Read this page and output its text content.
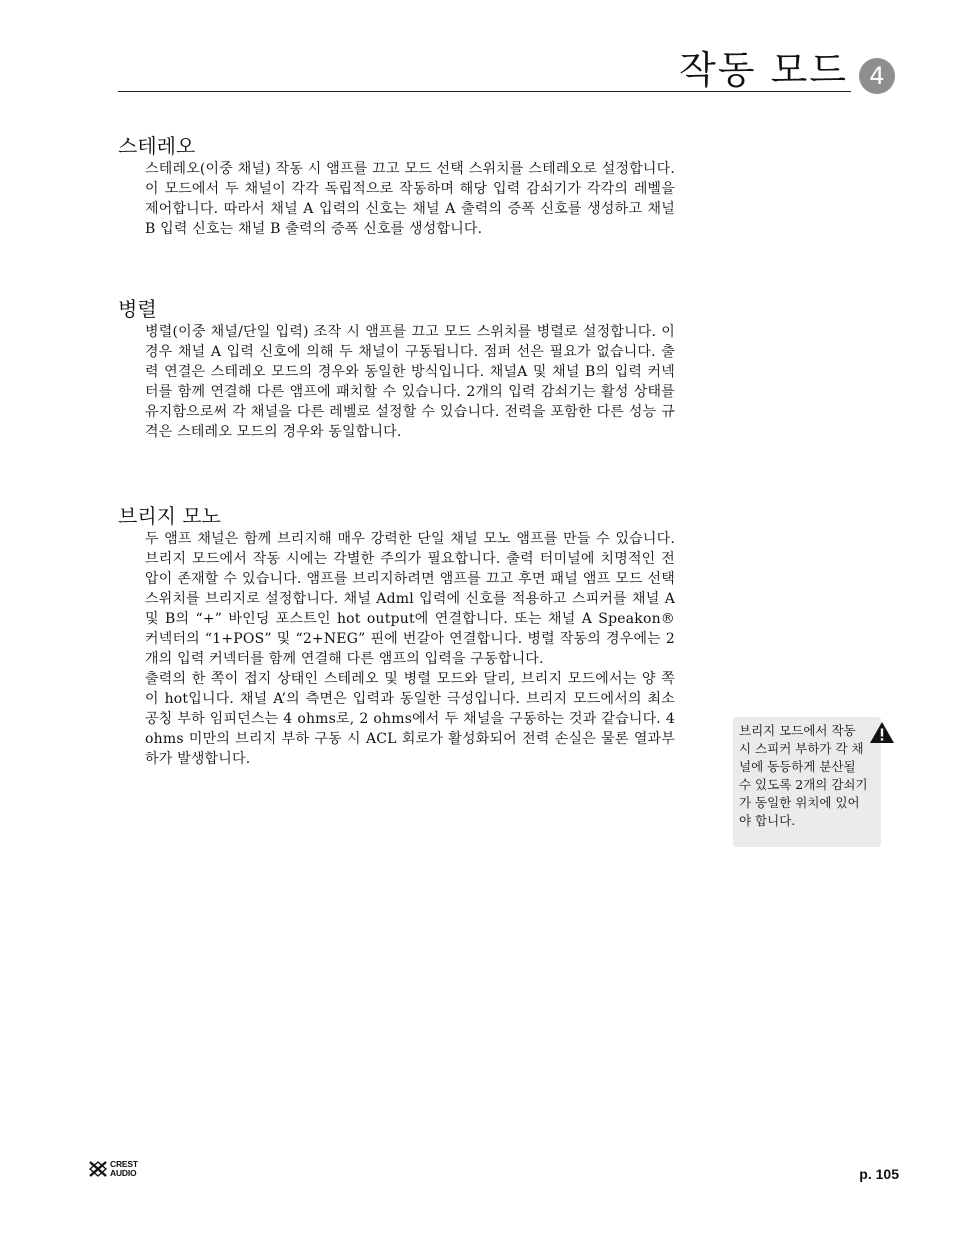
작동 모드 4
스테레오

스테레오(이중 채널) 작동 시 앰프를 끄고 모드 선택 스위치를 스테레오로 설정합니다. 이 모드에서 두 채널이 각각 독립적으로 작동하며 해당 입력 감쇠기가 각각의 레벨을 제어합니다. 따라서 채널 A 입력의 신호는 채널 A 출력의 증폭 신호를 생성하고 채널 B 입력 신호는 채널 B 출력의 증폭 신호를 생성합니다.

병렬

병렬(이중 채널/단일 입력) 조작 시 앰프를 끄고 모드 스위치를 병렬로 설정합니다. 이 경우 채널 A 입력 신호에 의해 두 채널이 구동됩니다. 점퍼 선은 필요가 없습니다. 출력 연결은 스테레오 모드의 경우와 동일한 방식입니다. 채널A 및 채널 B의 입력 커넥터를 함께 연결해 다른 앰프에 패치할 수 있습니다. 2개의 입력 감쇠기는 활성 상태를 유지함으로써 각 채널을 다른 레벨로 설정할 수 있습니다. 전력을 포함한 다른 성능 규격은 스테레오 모드의 경우와 동일합니다.

브리지 모노

두 앰프 채널은 함께 브리지해 매우 강력한 단일 채널 모노 앰프를 만들 수 있습니다. 브리지 모드에서 작동 시에는 각별한 주의가 필요합니다. 출력 터미널에 치명적인 전압이 존재할 수 있습니다. 앰프를 브리지하려면 앰프를 끄고 후면 패널 앰프 모드 선택 스위치를 브리지로 설정합니다. 채널 Adml 입력에 신호를 적용하고 스피커를 채널 A 및 B의 “+” 바인딩 포스트인 hot output에 연결합니다. 또는 채널 A Speakon® 커넥터의 “1+POS” 및 “2+NEG” 핀에 번갈아 연결합니다. 병렬 작동의 경우에는 2개의 입력 커넥터를 함께 연결해 다른 앰프의 입력을 구동합니다.

출력의 한 쪽이 접지 상태인 스테레오 및 병렬 모드와 달리, 브리지 모드에서는 양 쪽이 hot입니다. 채널 A’의 측면은 입력과 동일한 극성입니다. 브리지 모드에서의 최소 공칭 부하 임피던스는 4 ohms로, 2 ohms에서 두 채널을 구동하는 것과 같습니다. 4 ohms 미만의 브리지 부하 구동 시 ACL 회로가 활성화되어 전력 손실은 물론 열과부하가 발생합니다.

브리지 모드에서 작동 시 스피커 부하가 각 채널에 동등하게 분산될 수 있도록 2개의 감쇠기가 동일한 위치에 있어야 합니다.
CREST
AUDIO	p. 105
